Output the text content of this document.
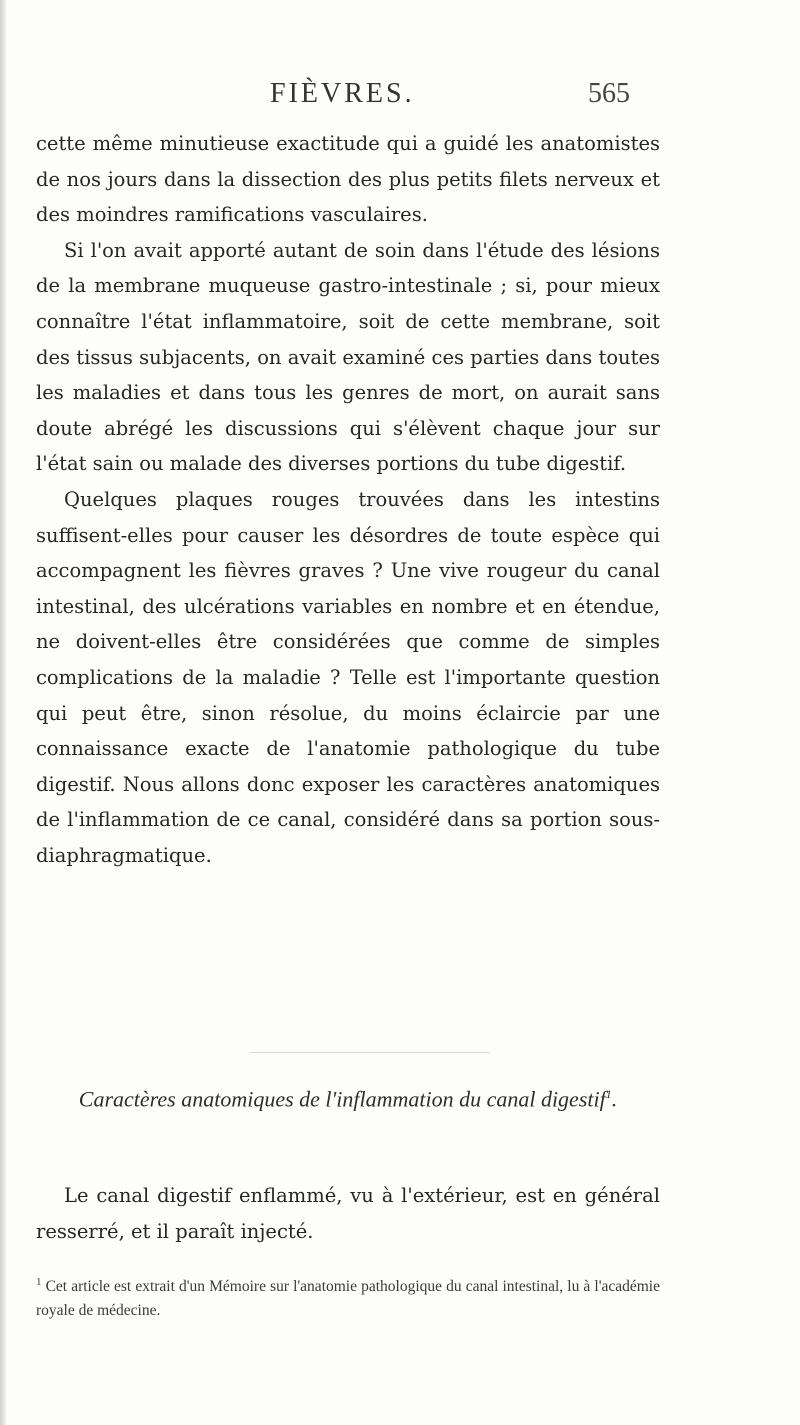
FIÈVRES.	565

cette même minutieuse exactitude qui a guidé les anatomistes de nos jours dans la dissection des plus petits filets nerveux et des moindres ramifications vasculaires.

Si l'on avait apporté autant de soin dans l'étude des lésions de la membrane muqueuse gastro-intestinale ; si, pour mieux connaître l'état inflammatoire, soit de cette membrane, soit des tissus subjacents, on avait examiné ces parties dans toutes les maladies et dans tous les genres de mort, on aurait sans doute abrégé les discussions qui s'élèvent chaque jour sur l'état sain ou malade des diverses portions du tube digestif.

Quelques plaques rouges trouvées dans les intestins suffisent-elles pour causer les désordres de toute espèce qui accompagnent les fièvres graves ? Une vive rougeur du canal intestinal, des ulcérations variables en nombre et en étendue, ne doivent-elles être considérées que comme de simples complications de la maladie ? Telle est l'importante question qui peut être, sinon résolue, du moins éclaircie par une connaissance exacte de l'anatomie pathologique du tube digestif. Nous allons donc exposer les caractères anatomiques de l'inflammation de ce canal, considéré dans sa portion sous-diaphragmatique.

Caractères anatomiques de l'inflammation du canal digestif$^1$.

Le canal digestif enflammé, vu à l'extérieur, est en général resserré, et il paraît injecté.

$^1$ Cet article est extrait d'un Mémoire sur l'anatomie pathologique du canal intestinal, lu à l'académie royale de médecine.
